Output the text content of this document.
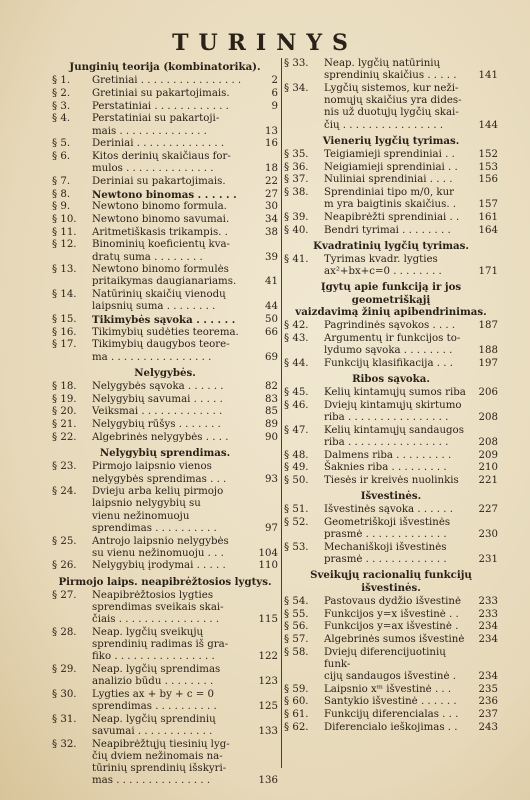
TURINYS
Junginių teorija (kombinatorika).
§ 1.	Gretiniai . . . . . . . . . . . . . . . .	2
§ 2.	Gretiniai su pakartojimais.	6
§ 3.	Perstatiniai . . . . . . . . . . . .	9
§ 4.	Perstatiniai su pakartoji-
mais . . . . . . . . . . . . . .	13
§ 5.	Deriniai . . . . . . . . . . . . . .	16
§ 6.	Kitos derinių skaičiaus for-
mulos . . . . . . . . . . . . . .	18
§ 7.	Deriniai su pakartojimais.	22
§ 8.	Newtono binomas . . . . . .	27
§ 9.	Newtono binomo formula.	30
§ 10.	Newtono binomo savumai.	34
§ 11.	Aritmetiškasis trikampis. .	38
§ 12.	Binominių koeficientų kva-
dratų suma . . . . . . . .	39
§ 13.	Newtono binomo formulės
pritaikymas daugianariams.	41
§ 14.	Natūrinių skaičių vienodų
laipsnių suma . . . . . . . .	44
§ 15.	Tikimybės sąvoka . . . . . .	50
§ 16.	Tikimybių sudėties teorema.	66
§ 17.	Tikimybių daugybos teore-
ma . . . . . . . . . . . . . . . .	69
Nelygybės.
§ 18.	Nelygybės sąvoka . . . . . .	82
§ 19.	Nelygybių savumai . . . . .	83
§ 20.	Veiksmai . . . . . . . . . . . . .	85
§ 21.	Nelygybių rūšys . . . . . . .	89
§ 22.	Algebrinės nelygybės . . . .	90
Nelygybių sprendimas.
§ 23.	Pirmojo laipsnio vienos
nelygybės sprendimas . . .	93
§ 24.	Dvieju arba kelių pirmojo
laipsnio nelygybių su
vienu nežinomuoju
sprendimas . . . . . . . . . .	97
§ 25.	Antrojo laipsnio nelygybės
su vienu nežinomuoju . . .	104
§ 26.	Nelygybių įrodymai . . . . .	110
Pirmojo laips. neapibrėžtosios lygtys.
§ 27.	Neapibrėžtosios lygties
sprendimas sveikais skai-
čiais . . . . . . . . . . . . . . . .	115
§ 28.	Neap. lygčių sveikųjų
sprendinių radimas iš gra-
fiko . . . . . . . . . . . . . . . .	122
§ 29.	Neap. lygčių sprendimas
analizio būdu . . . . . . . .	123
§ 30.	Lygties ax + by + c = 0
sprendimas . . . . . . . . . .	125
§ 31.	Neap. lygčių sprendinių
savumai . . . . . . . . . . . .	133
§ 32.	Neapibrėžtųjų tiesinių lyg-
čių dviem nežinomais na-
tūrinių sprendinių išskyri-
mas . . . . . . . . . . . . . . .	136
§ 33.	Neap. lygčių natūrinių
sprendinių skaičius . . . . .	141
§ 34.	Lygčių sistemos, kur neži-
nomųjų skaičius yra dides-
nis už duotųjų lygčių skai-
čių . . . . . . . . . . . . . . . .	144
Vienerių lygčių tyrimas.
§ 35.	Teigiamieji sprendiniai . .	152
§ 36.	Neigiamieji sprendiniai . .	153
§ 37.	Nuliniai sprendiniai . . . .	156
§ 38.	Sprendiniai tipo m/0, kur
m yra baigtinis skaičius. .	157
§ 39.	Neapibrėžti sprendiniai . .	161
§ 40.	Bendri tyrimai . . . . . . . .	164
Kvadratinių lygčių tyrimas.
§ 41.	Tyrimas kvadr. lygties
ax²+bx+c=0 . . . . . . . .	171
Įgytų apie funkciją ir jos geometriškąjį
vaizdavimą žinių apibendrinimas.
§ 42.	Pagrindinės sąvokos . . . .	187
§ 43.	Argumentų ir funkcijos to-
lydumo sąvoka . . . . . . . .	188
§ 44.	Funkcijų klasifikacija . . .	197
Ribos sąvoka.
§ 45.	Kelių kintamųjų sumos riba	206
§ 46.	Dviejų kintamųjų skirtumo
riba . . . . . . . . . . . . . . . .	208
§ 47.	Kelių kintamųjų sandaugos
riba . . . . . . . . . . . . . . . .	208
§ 48.	Dalmens riba . . . . . . . . .	209
§ 49.	Šaknies riba . . . . . . . . .	210
§ 50.	Tiesės ir kreivės nuolinkis	221
Išvestinės.
§ 51.	Išvestinės sąvoka . . . . . .	227
§ 52.	Geometriškoji išvestinės
prasmė . . . . . . . . . . . . .	230
§ 53.	Mechaniškoji išvestinės
prasmė . . . . . . . . . . . . .	231
Sveikųjų racionalių funkcijų išvestinės.
§ 54.	Pastovaus dydžio išvestinė	233
§ 55.	Funkcijos y=x išvestinė . .	233
§ 56.	Funkcijos y=ax išvestinė .	234
§ 57.	Algebrinės sumos išvestinė	234
§ 58.	Dviejų diferencijuotinių funk-
cijų sandaugos išvestinė .	234
§ 59.	Laipsnio xᵐ išvestinė . . .	235
§ 60.	Santykio išvestinė . . . . . .	236
§ 61.	Funkcijų diferencialas . . .	237
§ 62.	Diferencialo ieškojimas . .	243
